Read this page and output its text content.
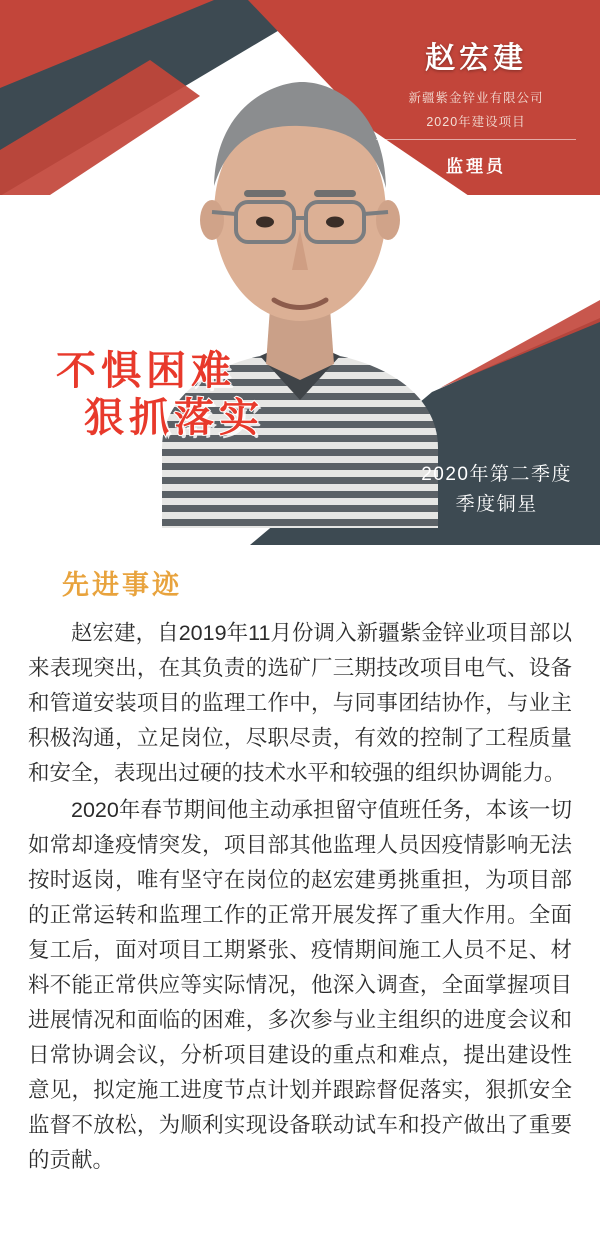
赵宏建
新疆紫金锌业有限公司
2020年建设项目
监理员
不惧困难
狠抓落实
2020年第二季度
季度铜星
先进事迹

赵宏建，自2019年11月份调入新疆紫金锌业项目部以来表现突出，在其负责的选矿厂三期技改项目电气、设备和管道安装项目的监理工作中，与同事团结协作，与业主积极沟通，立足岗位，尽职尽责，有效的控制了工程质量和安全，表现出过硬的技术水平和较强的组织协调能力。

2020年春节期间他主动承担留守值班任务，本该一切如常却逢疫情突发，项目部其他监理人员因疫情影响无法按时返岗，唯有坚守在岗位的赵宏建勇挑重担，为项目部的正常运转和监理工作的正常开展发挥了重大作用。全面复工后，面对项目工期紧张、疫情期间施工人员不足、材料不能正常供应等实际情况，他深入调查，全面掌握项目进展情况和面临的困难，多次参与业主组织的进度会议和日常协调会议，分析项目建设的重点和难点，提出建设性意见，拟定施工进度节点计划并跟踪督促落实，狠抓安全监督不放松，为顺利实现设备联动试车和投产做出了重要的贡献。
